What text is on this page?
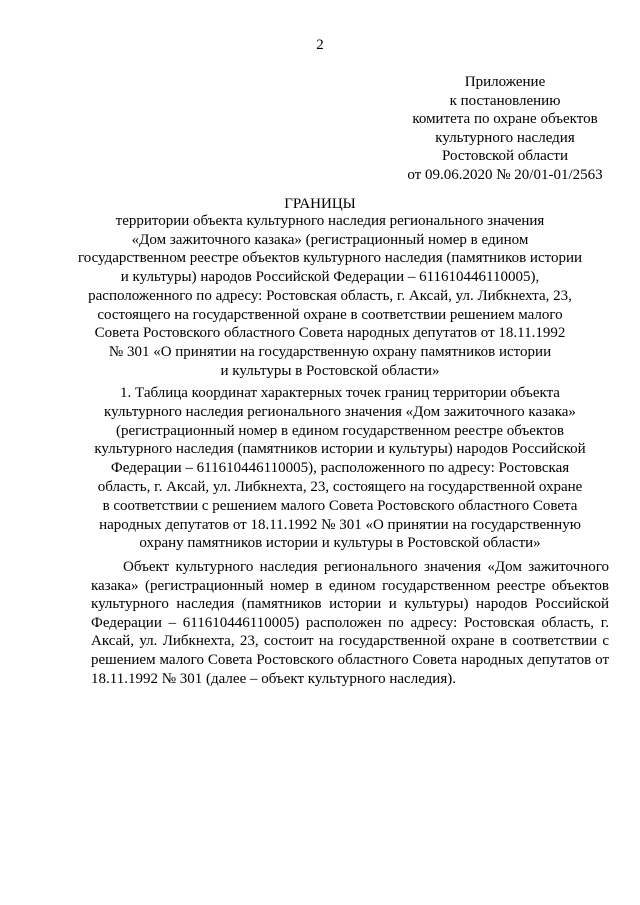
2
Приложение
к постановлению
комитета по охране объектов
культурного наследия
Ростовской области
от 09.06.2020 № 20/01-01/2563
ГРАНИЦЫ
территории объекта культурного наследия регионального значения
«Дом зажиточного казака» (регистрационный номер в едином
государственном реестре объектов культурного наследия (памятников истории
и культуры) народов Российской Федерации – 611610446110005),
расположенного по адресу: Ростовская область, г. Аксай, ул. Либкнехта, 23,
состоящего на государственной охране в соответствии решением малого
Совета Ростовского областного Совета народных депутатов от 18.11.1992
№ 301 «О принятии на государственную охрану памятников истории
и культуры в Ростовской области»
1. Таблица координат характерных точек границ территории объекта
культурного наследия регионального значения «Дом зажиточного казака»
(регистрационный номер в едином государственном реестре объектов
культурного наследия (памятников истории и культуры) народов Российской
Федерации – 611610446110005), расположенного по адресу: Ростовская
область, г. Аксай, ул. Либкнехта, 23, состоящего на государственной охране
в соответствии с решением малого Совета Ростовского областного Совета
народных депутатов от 18.11.1992 № 301 «О принятии на государственную
охрану памятников истории и культуры в Ростовской области»
Объект культурного наследия регионального значения «Дом зажиточного казака» (регистрационный номер в едином государственном реестре объектов культурного наследия (памятников истории и культуры) народов Российской Федерации – 611610446110005) расположен по адресу: Ростовская область, г. Аксай, ул. Либкнехта, 23, состоит на государственной охране в соответствии с решением малого Совета Ростовского областного Совета народных депутатов от 18.11.1992 № 301 (далее – объект культурного наследия).
